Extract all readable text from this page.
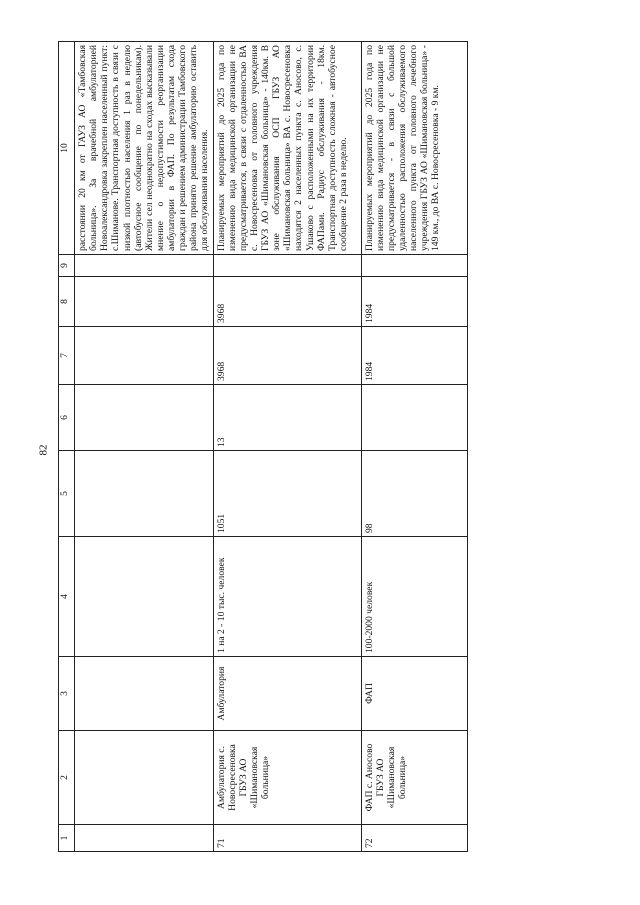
82
1	2	3	4	5	6	7	8	9	10
									расстоянии 20 км от ГАУЗ АО «Тамбовская больница». За врачебной амбулаторией Новоалександровка закреплен населенный пункт: с.Шиманове. Транспортная доступность в связи с низкой плотностью населения 1 раз в неделю (автобусное сообщение по понедельникам). Жители сел неоднократно на сходах высказывали мнение о недопустимости реорганизации амбулатории в ФАП. По результатам схода граждан и решением администрации Тамбовского района принято решение амбулаторию оставить для обслуживания населения.
71	Амбулатория с. Новосресеновка ГБУЗ АО «Шимановская больница»	Амбулатория	1 на 2 - 10 тыс. человек	1051	13	3968	3968		Планируемых мероприятий до 2025 года по изменению вида медицинской организации не предусматривается, в связи с отдаленностью ВА с. Новосресеновка от головного учреждения ГБУЗ АО «Шимановская больница» - 140км. В зоне обслуживания ОСП ГБУЗ АО «Шимановская больница» ВА с. Новосресеновка находятся 2 населенных пункта с. Аносово, с. Ушаково с расположенными на их территории ФАПами. Радиус обслуживания - 18км. Транспортная доступность сложная - автобусное сообщение 2 раза в неделю.
72	ФАП с. Аносово ГБУЗ АО «Шимановская больница»	ФАП	100-2000 человек	98		1984	1984		Планируемых мероприятий до 2025 года по изменению вида медицинской организации не предусматривается - в связи с большой удаленностью расположения обслуживаемого населенного пункта от головного лечебного учреждения ГБУЗ АО «Шимановская больница» - 149 км., до ВА с. Новосресеновка - 9 км.
